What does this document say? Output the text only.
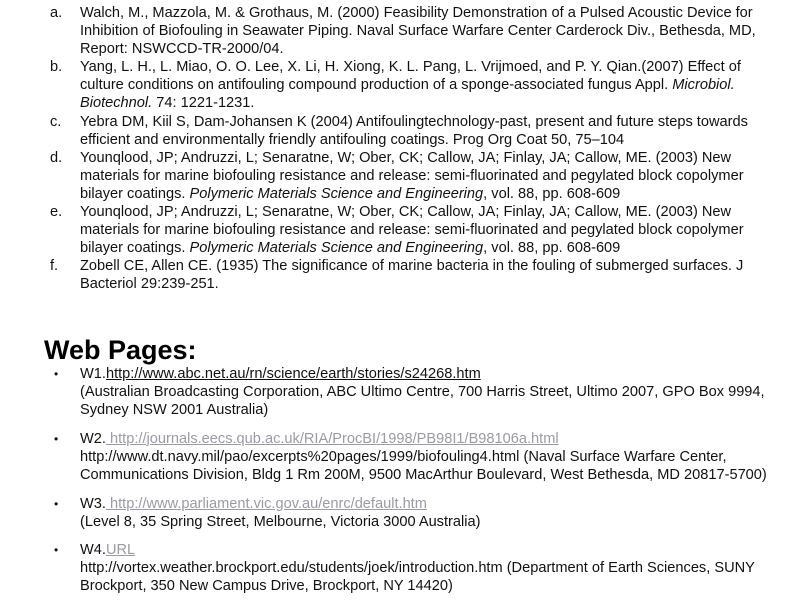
a.	Walch, M., Mazzola, M. & Grothaus, M. (2000) Feasibility Demonstration of a Pulsed Acoustic Device for Inhibition of Biofouling in Seawater Piping. Naval Surface Warfare Center Carderock Div., Bethesda, MD, Report: NSWCCD-TR-2000/04.
b.	Yang, L. H., L. Miao, O. O. Lee, X. Li, H. Xiong, K. L. Pang, L. Vrijmoed, and P. Y. Qian.(2007) Effect of culture conditions on antifouling compound production of a sponge-associated fungus Appl. Microbiol. Biotechnol. 74: 1221-1231.
c.	Yebra DM, Kiil S, Dam-Johansen K (2004) Antifoulingtechnology-past, present and future steps towards efficient and environmentally friendly antifouling coatings. Prog Org Coat 50, 75–104
d.	Younqlood, JP; Andruzzi, L; Senaratne, W; Ober, CK; Callow, JA; Finlay, JA; Callow, ME. (2003) New materials for marine biofouling resistance and release: semi-fluorinated and pegylated block copolymer bilayer coatings. Polymeric Materials Science and Engineering, vol. 88, pp. 608-609
e.	Younqlood, JP; Andruzzi, L; Senaratne, W; Ober, CK; Callow, JA; Finlay, JA; Callow, ME. (2003) New materials for marine biofouling resistance and release: semi-fluorinated and pegylated block copolymer bilayer coatings. Polymeric Materials Science and Engineering, vol. 88, pp. 608-609
f.	Zobell CE, Allen CE. (1935) The significance of marine bacteria in the fouling of submerged surfaces. J Bacteriol 29:239-251.
Web Pages:
• W1.http://www.abc.net.au/rn/science/earth/stories/s24268.htm
(Australian Broadcasting Corporation, ABC Ultimo Centre, 700 Harris Street, Ultimo 2007, GPO Box 9994, Sydney NSW 2001 Australia)
• W2. http://journals.eecs.qub.ac.uk/RIA/ProcBI/1998/PB98I1/B98106a.html
http://www.dt.navy.mil/pao/excerpts%20pages/1999/biofouling4.html (Naval Surface Warfare Center, Communications Division, Bldg 1 Rm 200M, 9500 MacArthur Boulevard, West Bethesda, MD 20817-5700)
• W3. http://www.parliament.vic.gov.au/enrc/default.htm
(Level 8, 35 Spring Street, Melbourne, Victoria 3000 Australia)
• W4.URL
http://vortex.weather.brockport.edu/students/joek/introduction.htm (Department of Earth Sciences, SUNY Brockport, 350 New Campus Drive, Brockport, NY 14420)
